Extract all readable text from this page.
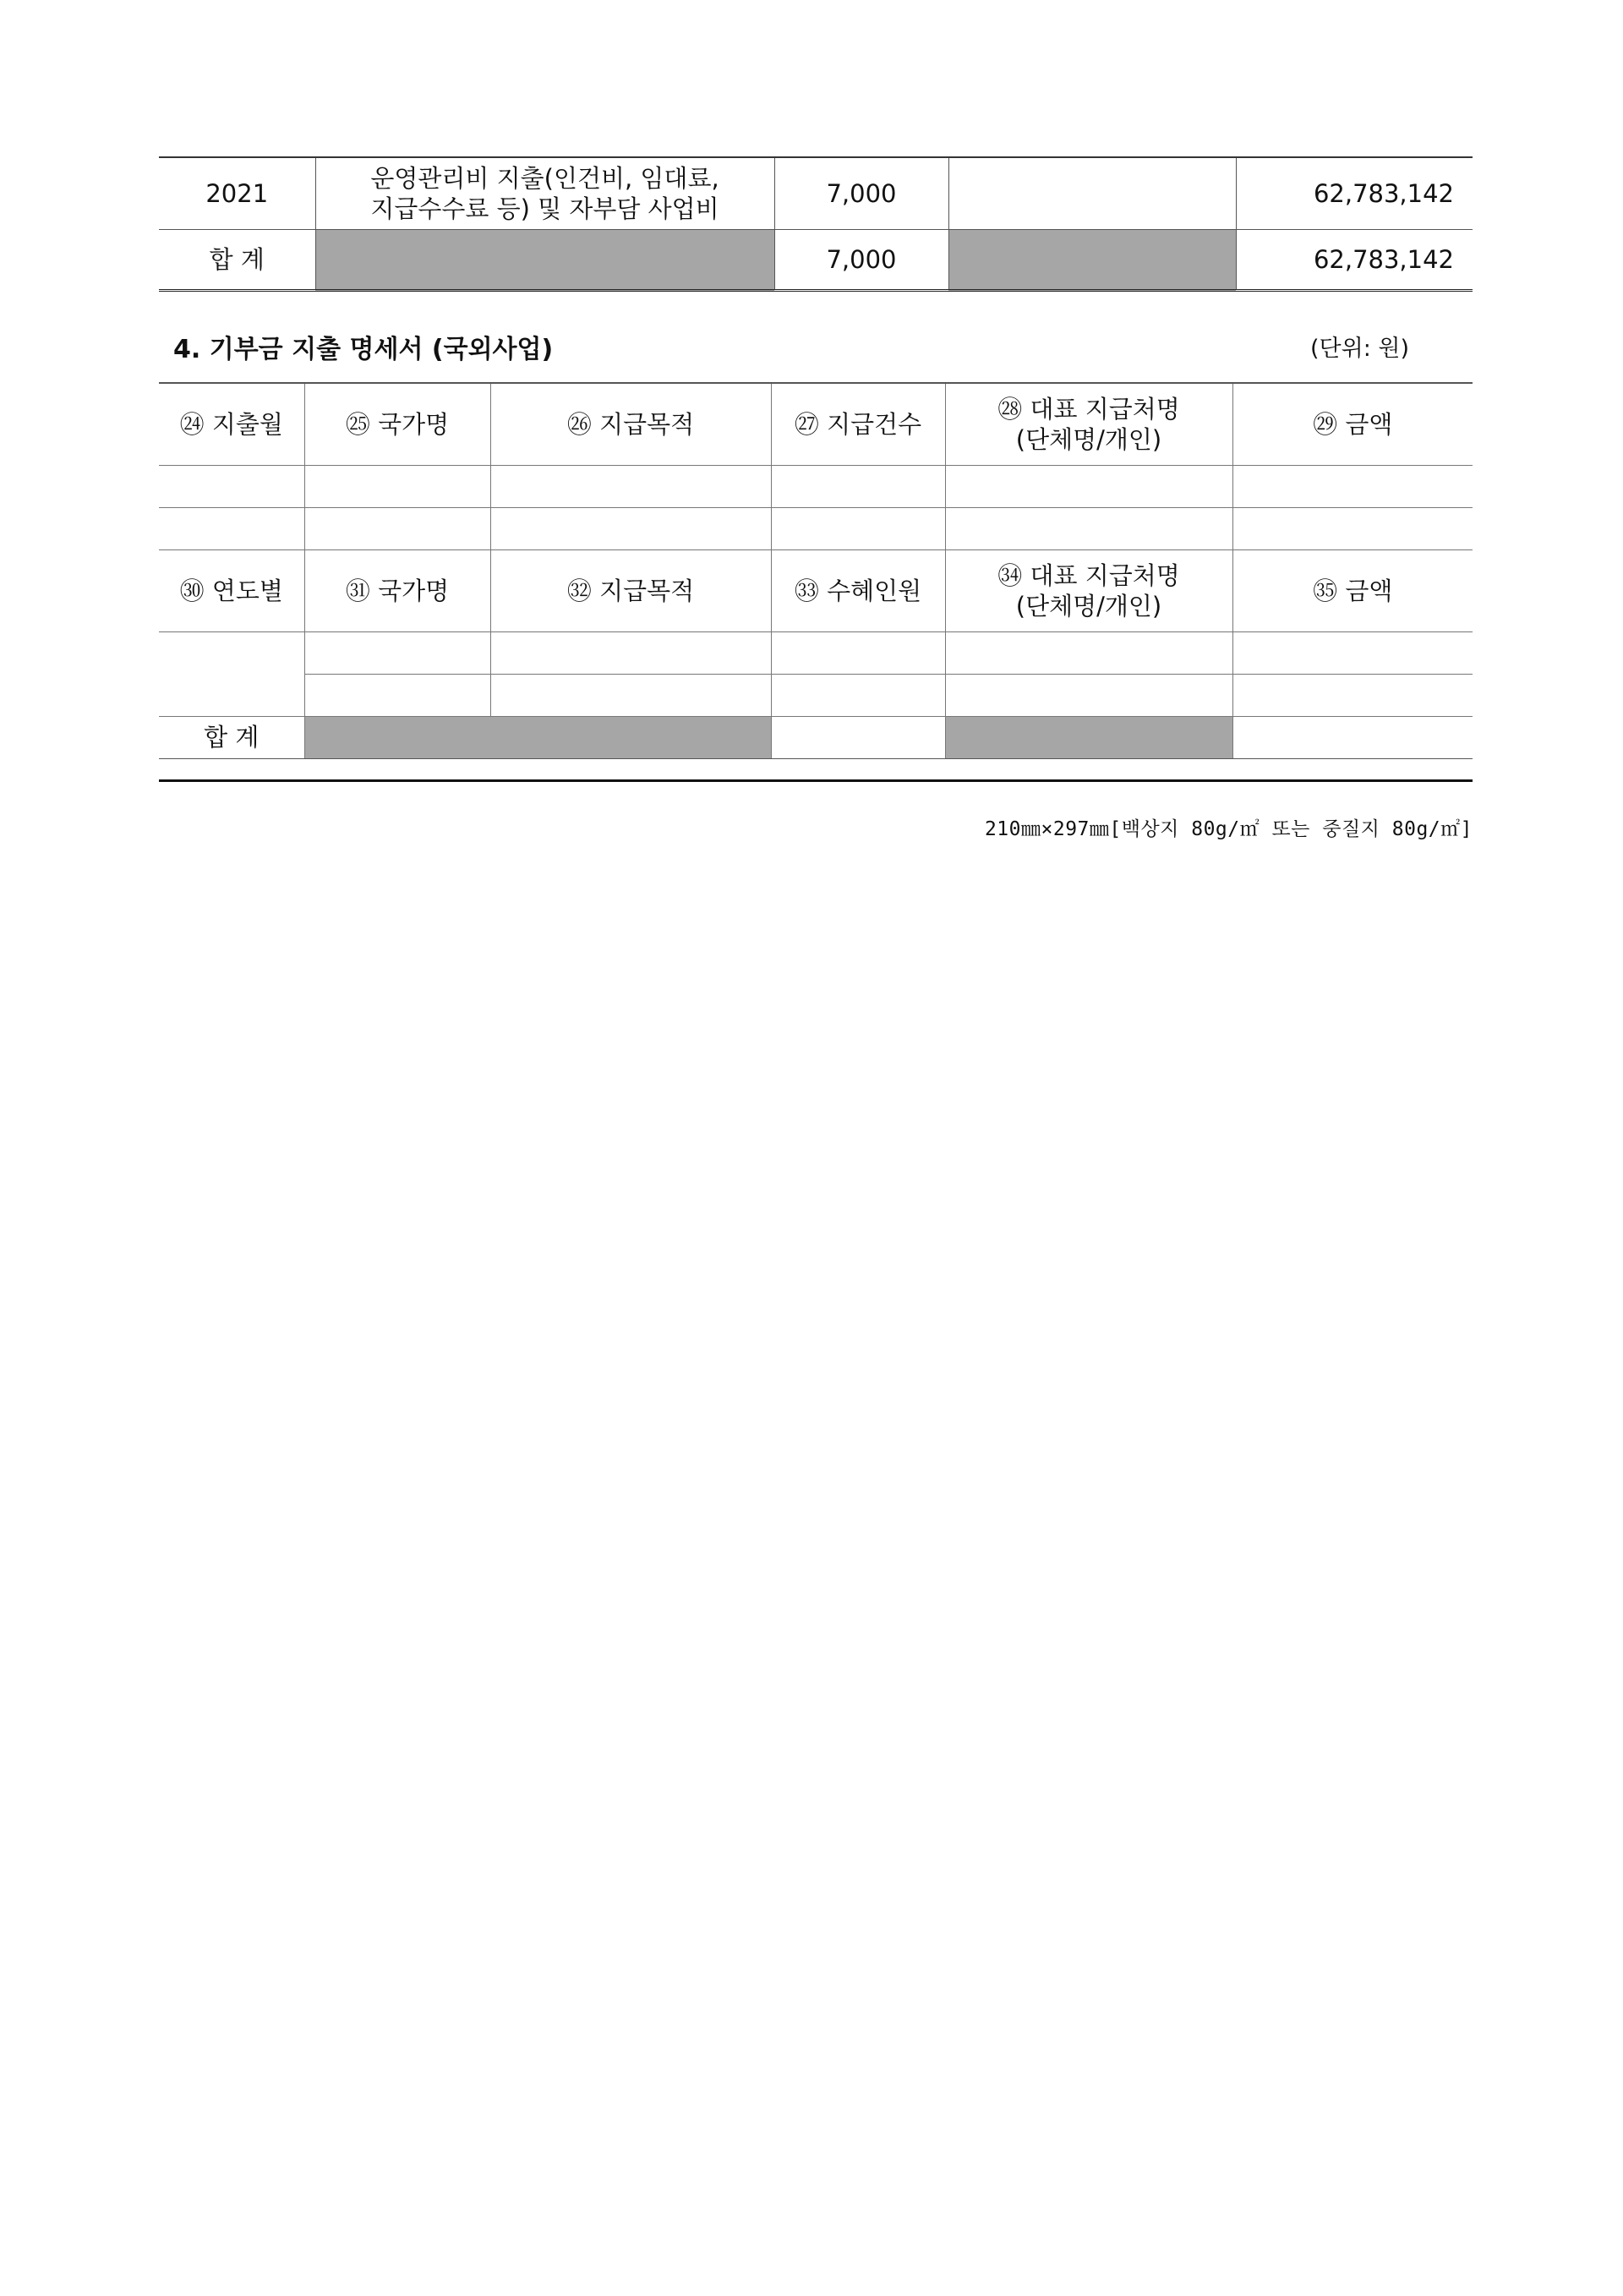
2021	운영관리비 지출(인건비, 임대료,
지급수수료 등) 및 자부담 사업비	7,000		62,783,142
합 계		7,000		62,783,142
4. 기부금 지출 명세서 (국외사업)	(단위: 원)
㉔ 지출월	㉕ 국가명	㉖ 지급목적	㉗ 지급건수	㉘ 대표 지급처명
(단체명/개인)	㉙ 금액

㉚ 연도별	㉛ 국가명	㉜ 지급목적	㉝ 수혜인원	㉞ 대표 지급처명
(단체명/개인)	㉟ 금액

합 계					
210㎜×297㎜[백상지 80g/㎡ 또는 중질지 80g/㎡]
